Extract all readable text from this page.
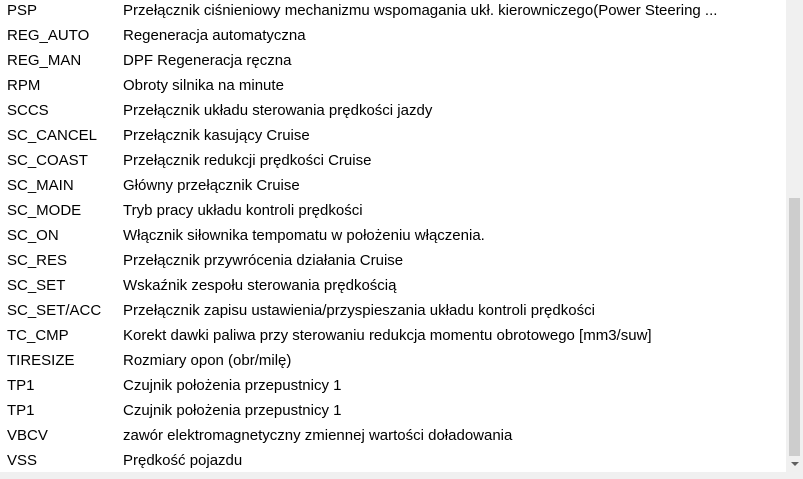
PSP	Przełącznik ciśnieniowy mechanizmu wspomagania ukł. kierowniczego(Power Steering ...
REG_AUTO Regeneracja automatyczna
REG_MAN	DPF Regeneracja ręczna
RPM	Obroty silnika na minute
SCCS	Przełącznik układu sterowania prędkości jazdy
SC_CANCEL Przełącznik kasujący Cruise
SC_COAST Przełącznik redukcji prędkości Cruise
SC_MAIN	Główny przełącznik Cruise
SC_MODE	Tryb pracy układu kontroli prędkości
SC_ON	Włącznik siłownika tempomatu w położeniu włączenia.
SC_RES	Przełącznik przywrócenia działania Cruise
SC_SET	Wskaźnik zespołu sterowania prędkością
SC_SET/ACC Przełącznik zapisu ustawienia/przyspieszania układu kontroli prędkości
TC_CMP	Korekt dawki paliwa przy sterowaniu redukcja momentu obrotowego [mm3/suw]
TIRESIZE	Rozmiary opon (obr/milę)
TP1	Czujnik położenia przepustnicy 1
TP1	Czujnik położenia przepustnicy 1
VBCV	zawór elektromagnetyczny zmiennej wartości doładowania
VSS	Prędkość pojazdu
